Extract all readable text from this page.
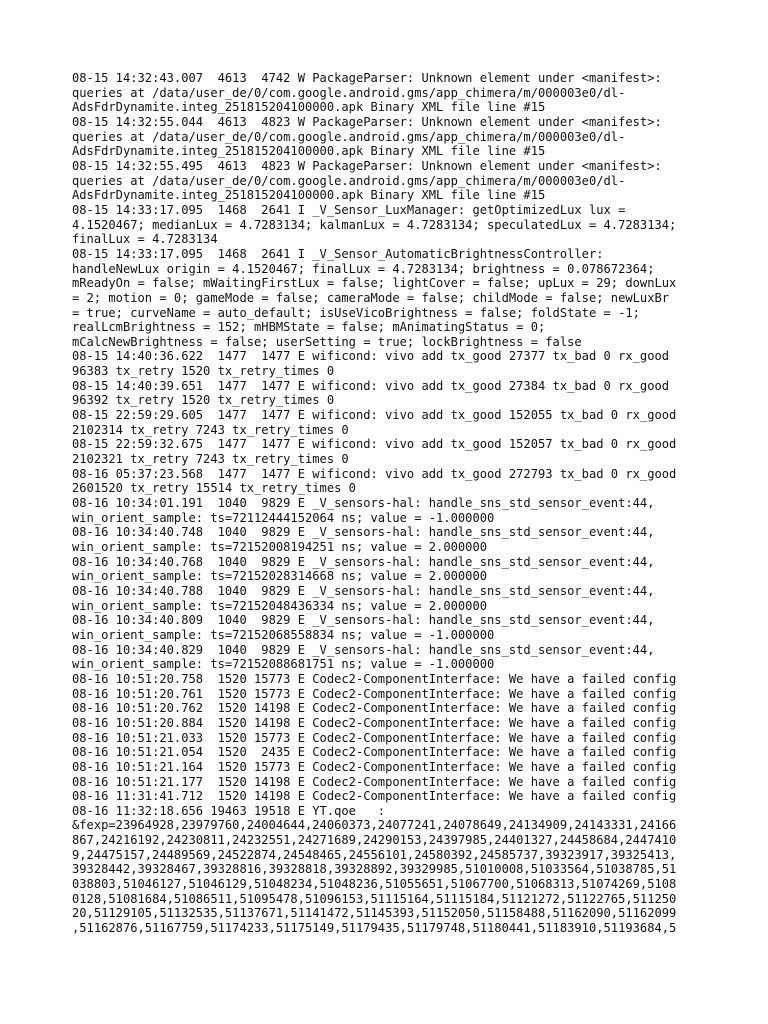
08-15 14:32:43.007  4613  4742 W PackageParser: Unknown element under <manifest>:
queries at /data/user_de/0/com.google.android.gms/app_chimera/m/000003e0/dl-
AdsFdrDynamite.integ_251815204100000.apk Binary XML file line #15
08-15 14:32:55.044  4613  4823 W PackageParser: Unknown element under <manifest>:
queries at /data/user_de/0/com.google.android.gms/app_chimera/m/000003e0/dl-
AdsFdrDynamite.integ_251815204100000.apk Binary XML file line #15
08-15 14:32:55.495  4613  4823 W PackageParser: Unknown element under <manifest>:
queries at /data/user_de/0/com.google.android.gms/app_chimera/m/000003e0/dl-
AdsFdrDynamite.integ_251815204100000.apk Binary XML file line #15
08-15 14:33:17.095  1468  2641 I _V_Sensor_LuxManager: getOptimizedLux lux =
4.1520467; medianLux = 4.7283134; kalmanLux = 4.7283134; speculatedLux = 4.7283134;
finalLux = 4.7283134
08-15 14:33:17.095  1468  2641 I _V_Sensor_AutomaticBrightnessController:
handleNewLux origin = 4.1520467; finalLux = 4.7283134; brightness = 0.078672364;
mReadyOn = false; mWaitingFirstLux = false; lightCover = false; upLux = 29; downLux
= 2; motion = 0; gameMode = false; cameraMode = false; childMode = false; newLuxBr
= true; curveName = auto_default; isUseVicoBrightness = false; foldState = -1;
realLcmBrightness = 152; mHBMState = false; mAnimatingStatus = 0;
mCalcNewBrightness = false; userSetting = true; lockBrightness = false
08-15 14:40:36.622  1477  1477 E wificond: vivo add tx_good 27377 tx_bad 0 rx_good
96383 tx_retry 1520 tx_retry_times 0
08-15 14:40:39.651  1477  1477 E wificond: vivo add tx_good 27384 tx_bad 0 rx_good
96392 tx_retry 1520 tx_retry_times 0
08-15 22:59:29.605  1477  1477 E wificond: vivo add tx_good 152055 tx_bad 0 rx_good
2102314 tx_retry 7243 tx_retry_times 0
08-15 22:59:32.675  1477  1477 E wificond: vivo add tx_good 152057 tx_bad 0 rx_good
2102321 tx_retry 7243 tx_retry_times 0
08-16 05:37:23.568  1477  1477 E wificond: vivo add tx_good 272793 tx_bad 0 rx_good
2601520 tx_retry 15514 tx_retry_times 0
08-16 10:34:01.191  1040  9829 E _V_sensors-hal: handle_sns_std_sensor_event:44,
win_orient_sample: ts=72112444152064 ns; value = -1.000000
08-16 10:34:40.748  1040  9829 E _V_sensors-hal: handle_sns_std_sensor_event:44,
win_orient_sample: ts=72152008194251 ns; value = 2.000000
08-16 10:34:40.768  1040  9829 E _V_sensors-hal: handle_sns_std_sensor_event:44,
win_orient_sample: ts=72152028314668 ns; value = 2.000000
08-16 10:34:40.788  1040  9829 E _V_sensors-hal: handle_sns_std_sensor_event:44,
win_orient_sample: ts=72152048436334 ns; value = 2.000000
08-16 10:34:40.809  1040  9829 E _V_sensors-hal: handle_sns_std_sensor_event:44,
win_orient_sample: ts=72152068558834 ns; value = -1.000000
08-16 10:34:40.829  1040  9829 E _V_sensors-hal: handle_sns_std_sensor_event:44,
win_orient_sample: ts=72152088681751 ns; value = -1.000000
08-16 10:51:20.758  1520 15773 E Codec2-ComponentInterface: We have a failed config
08-16 10:51:20.761  1520 15773 E Codec2-ComponentInterface: We have a failed config
08-16 10:51:20.762  1520 14198 E Codec2-ComponentInterface: We have a failed config
08-16 10:51:20.884  1520 14198 E Codec2-ComponentInterface: We have a failed config
08-16 10:51:21.033  1520 15773 E Codec2-ComponentInterface: We have a failed config
08-16 10:51:21.054  1520  2435 E Codec2-ComponentInterface: We have a failed config
08-16 10:51:21.164  1520 15773 E Codec2-ComponentInterface: We have a failed config
08-16 10:51:21.177  1520 14198 E Codec2-ComponentInterface: We have a failed config
08-16 11:31:41.712  1520 14198 E Codec2-ComponentInterface: We have a failed config
08-16 11:32:18.656 19463 19518 E YT.qoe   :
&fexp=23964928,23979760,24004644,24060373,24077241,24078649,24134909,24143331,24166
867,24216192,24230811,24232551,24271689,24290153,24397985,24401327,24458684,2447410
9,24475157,24489569,24522874,24548465,24556101,24580392,24585737,39323917,39325413,
39328442,39328467,39328816,39328818,39328892,39329985,51010008,51033564,51038785,51
038803,51046127,51046129,51048234,51048236,51055651,51067700,51068313,51074269,5108
0128,51081684,51086511,51095478,51096153,51115164,51115184,51121272,51122765,511250
20,51129105,51132535,51137671,51141472,51145393,51152050,51158488,51162090,51162099
,51162876,51167759,51174233,51175149,51179435,51179748,51180441,51183910,51193684,5
